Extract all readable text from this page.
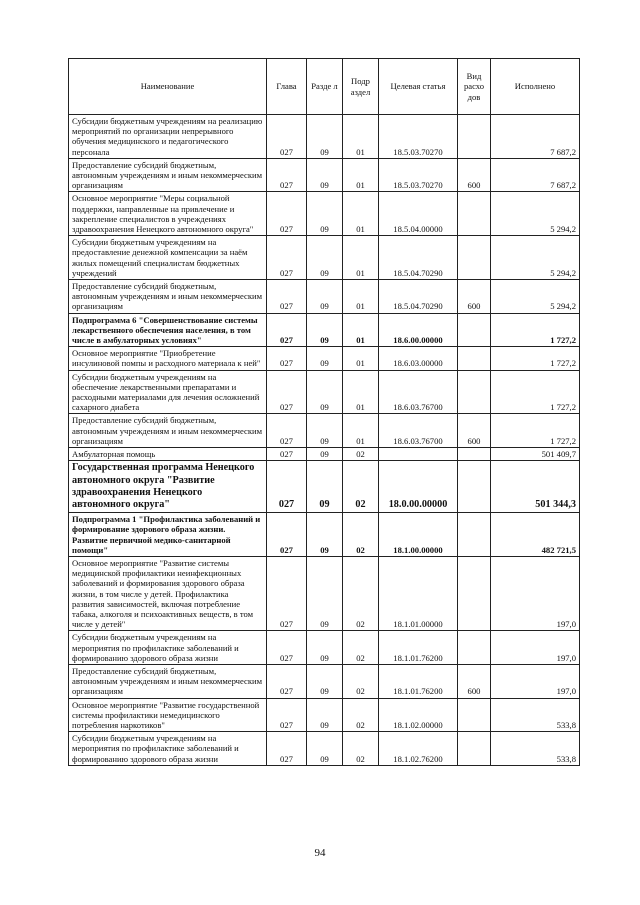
Наименование	Глава	Разде л	Подр аздел	Целевая статья	Вид расхо дов	Исполнено
Субсидии бюджетным учреждениям на реализацию мероприятий по организации непрерывного обучения медицинского и педагогического персонала	027	09	01	18.5.03.70270		7 687,2
Предоставление субсидий бюджетным, автономным учреждениям и иным некоммерческим организациям	027	09	01	18.5.03.70270	600	7 687,2
Основное мероприятие "Меры социальной поддержки, направленные на привлечение и закрепление специалистов в учреждениях здравоохранения Ненецкого автономного округа"	027	09	01	18.5.04.00000		5 294,2
Субсидии бюджетным учреждениям на предоставление денежной компенсации за наём жилых помещений специалистам бюджетных учреждений	027	09	01	18.5.04.70290		5 294,2
Предоставление субсидий бюджетным, автономным учреждениям и иным некоммерческим организациям	027	09	01	18.5.04.70290	600	5 294,2
Подпрограмма 6 "Совершенствование системы лекарственного обеспечения населения, в том числе в амбулаторных условиях"	027	09	01	18.6.00.00000		1 727,2
Основное мероприятие "Приобретение инсулиновой помпы и расходного материала к ней"	027	09	01	18.6.03.00000		1 727,2
Субсидии бюджетным учреждениям на обеспечение лекарственными препаратами и расходными материалами для лечения осложнений сахарного диабета	027	09	01	18.6.03.76700		1 727,2
Предоставление субсидий бюджетным, автономным учреждениям и иным некоммерческим организациям	027	09	01	18.6.03.76700	600	1 727,2
Амбулаторная помощь	027	09	02			501 409,7
Государственная программа Ненецкого автономного округа "Развитие здравоохранения Ненецкого автономного округа"	027	09	02	18.0.00.00000		501 344,3
Подпрограмма 1 "Профилактика заболеваний и формирование здорового образа жизни. Развитие первичной медико-санитарной помощи"	027	09	02	18.1.00.00000		482 721,5
Основное мероприятие "Развитие системы медицинской профилактики неинфекционных заболеваний и формирования здорового образа жизни, в том числе у детей. Профилактика развития зависимостей, включая потребление табака, алкоголя и психоактивных веществ, в том числе у детей"	027	09	02	18.1.01.00000		197,0
Субсидии бюджетным учреждениям на мероприятия по профилактике заболеваний и формированию здорового образа жизни	027	09	02	18.1.01.76200		197,0
Предоставление субсидий бюджетным, автономным учреждениям и иным некоммерческим организациям	027	09	02	18.1.01.76200	600	197,0
Основное мероприятие "Развитие государственной системы профилактики немедицинского потребления наркотиков"	027	09	02	18.1.02.00000		533,8
Субсидии бюджетным учреждениям на мероприятия по профилактике заболеваний и формированию здорового образа жизни	027	09	02	18.1.02.76200		533,8
94
